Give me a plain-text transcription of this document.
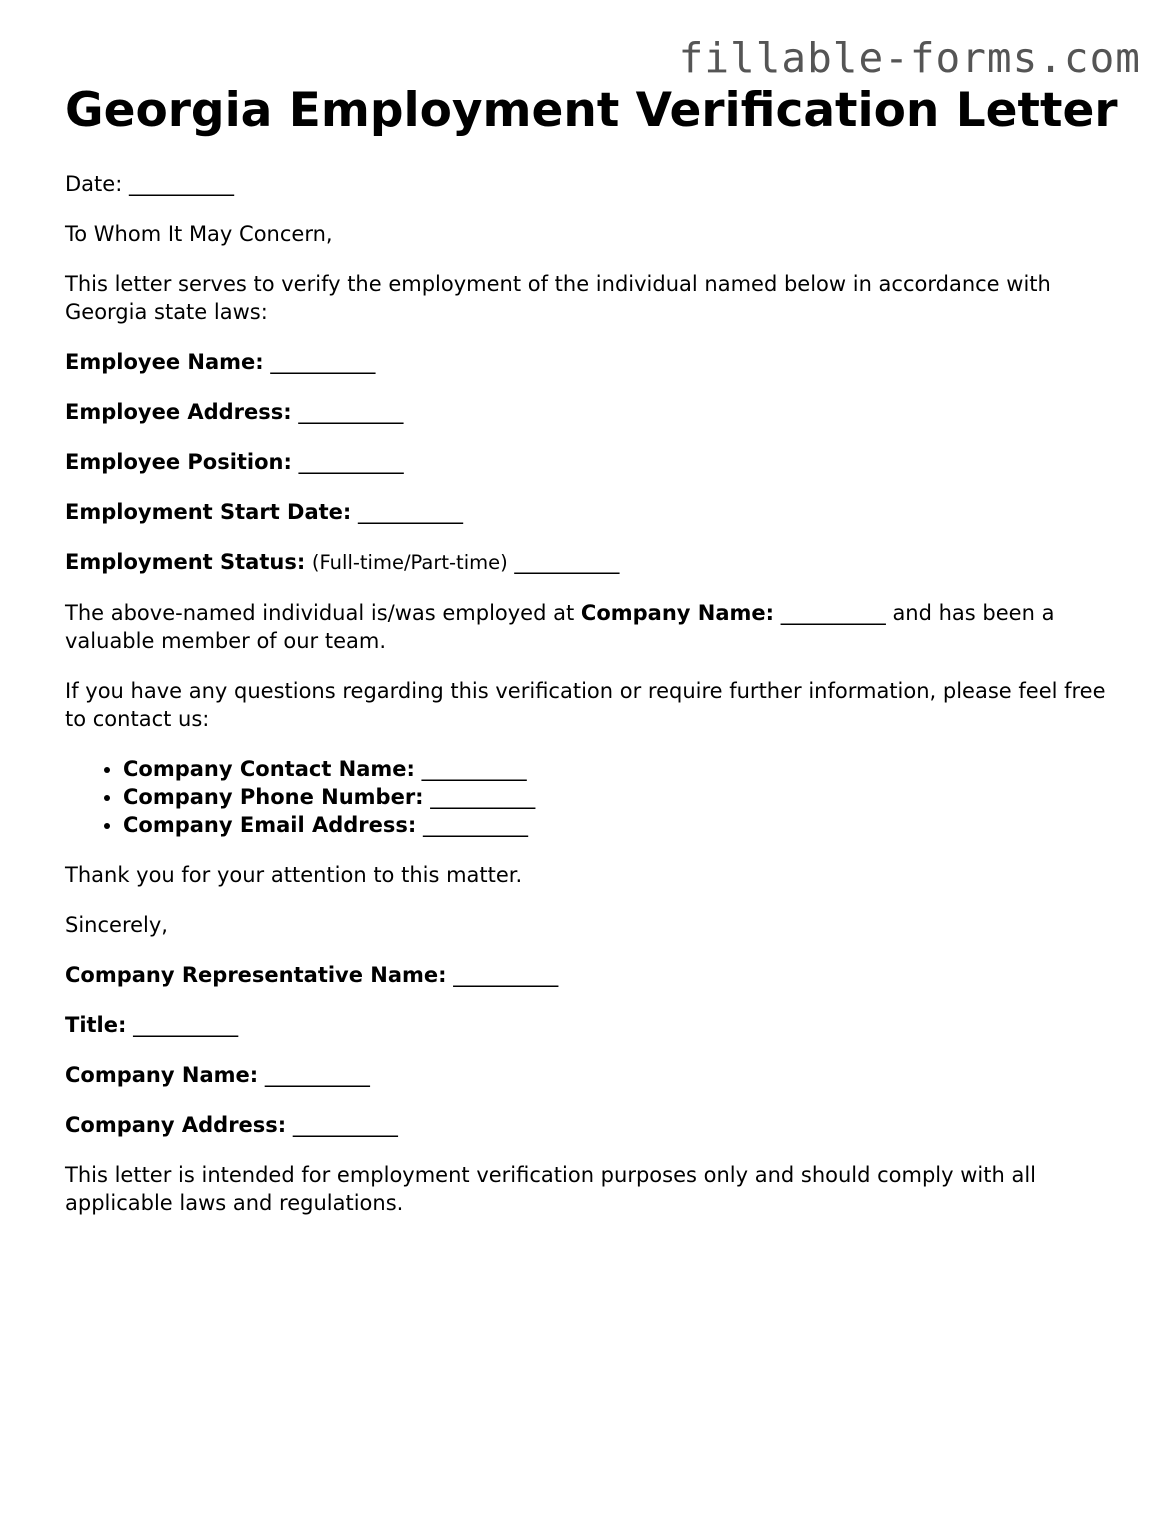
fillable-forms.com
Georgia Employment Verification Letter

Date: __________

To Whom It May Concern,

This letter serves to verify the employment of the individual named below in accordance with Georgia state laws:

Employee Name: __________

Employee Address: __________

Employee Position: __________

Employment Start Date: __________

Employment Status: (Full-time/Part-time) __________

The above-named individual is/was employed at Company Name: __________ and has been a valuable member of our team.

If you have any questions regarding this verification or require further information, please feel free to contact us:

• Company Contact Name: __________
• Company Phone Number: __________
• Company Email Address: __________

Thank you for your attention to this matter.

Sincerely,

Company Representative Name: __________

Title: __________

Company Name: __________

Company Address: __________

This letter is intended for employment verification purposes only and should comply with all applicable laws and regulations.
